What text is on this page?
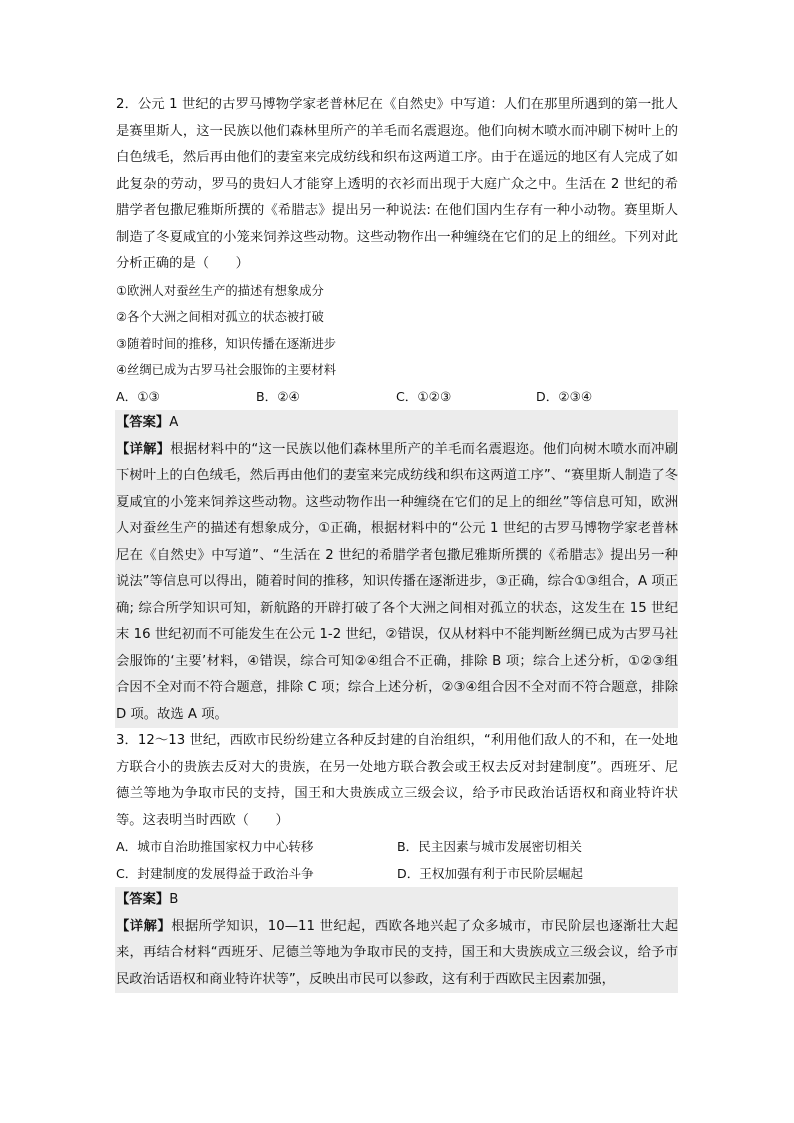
2．公元 1 世纪的古罗马博物学家老普林尼在《自然史》中写道：人们在那里所遇到的第一批人是赛里斯人，这一民族以他们森林里所产的羊毛而名震遐迩。他们向树木喷水而冲刷下树叶上的白色绒毛，然后再由他们的妻室来完成纺线和织布这两道工序。由于在遥远的地区有人完成了如此复杂的劳动，罗马的贵妇人才能穿上透明的衣衫而出现于大庭广众之中。生活在 2 世纪的希腊学者包撒尼雅斯所撰的《希腊志》提出另一种说法: 在他们国内生存有一种小动物。赛里斯人制造了冬夏咸宜的小笼来饲养这些动物。这些动物作出一种缠绕在它们的足上的细丝。下列对此分析正确的是（　　）

①欧洲人对蚕丝生产的描述有想象成分

②各个大洲之间相对孤立的状态被打破

③随着时间的推移，知识传播在逐渐进步

④丝绸已成为古罗马社会服饰的主要材料

A．①③	B．②④	C．①②③	D．②③④

【答案】A

【详解】根据材料中的“这一民族以他们森林里所产的羊毛而名震遐迩。他们向树木喷水而冲刷下树叶上的白色绒毛，然后再由他们的妻室来完成纺线和织布这两道工序”、“赛里斯人制造了冬夏咸宜的小笼来饲养这些动物。这些动物作出一种缠绕在它们的足上的细丝”等信息可知，欧洲人对蚕丝生产的描述有想象成分，①正确，根据材料中的“公元 1 世纪的古罗马博物学家老普林尼在《自然史》中写道”、“生活在 2 世纪的希腊学者包撒尼雅斯所撰的《希腊志》提出另一种说法”等信息可以得出，随着时间的推移，知识传播在逐渐进步，③正确，综合①③组合，A 项正确; 综合所学知识可知，新航路的开辟打破了各个大洲之间相对孤立的状态，这发生在 15 世纪末 16 世纪初而不可能发生在公元 1-2 世纪，②错误，仅从材料中不能判断丝绸已成为古罗马社会服饰的‘主要’材料，④错误，综合可知②④组合不正确，排除 B 项；综合上述分析，①②③组合因不全对而不符合题意，排除 C 项；综合上述分析，②③④组合因不全对而不符合题意，排除 D 项。故选 A 项。

3．12～13 世纪，西欧市民纷纷建立各种反封建的自治组织，“利用他们敌人的不和，在一处地方联合小的贵族去反对大的贵族，在另一处地方联合教会或王权去反对封建制度”。西班牙、尼德兰等地为争取市民的支持，国王和大贵族成立三级会议，给予市民政治话语权和商业特许状等。这表明当时西欧（　　）

A．城市自治助推国家权力中心转移	B．民主因素与城市发展密切相关
C．封建制度的发展得益于政治斗争	D．王权加强有利于市民阶层崛起

【答案】B

【详解】根据所学知识，10—11 世纪起，西欧各地兴起了众多城市，市民阶层也逐渐壮大起来，再结合材料“西班牙、尼德兰等地为争取市民的支持，国王和大贵族成立三级会议，给予市民政治话语权和商业特许状等”，反映出市民可以参政，这有利于西欧民主因素加强，
